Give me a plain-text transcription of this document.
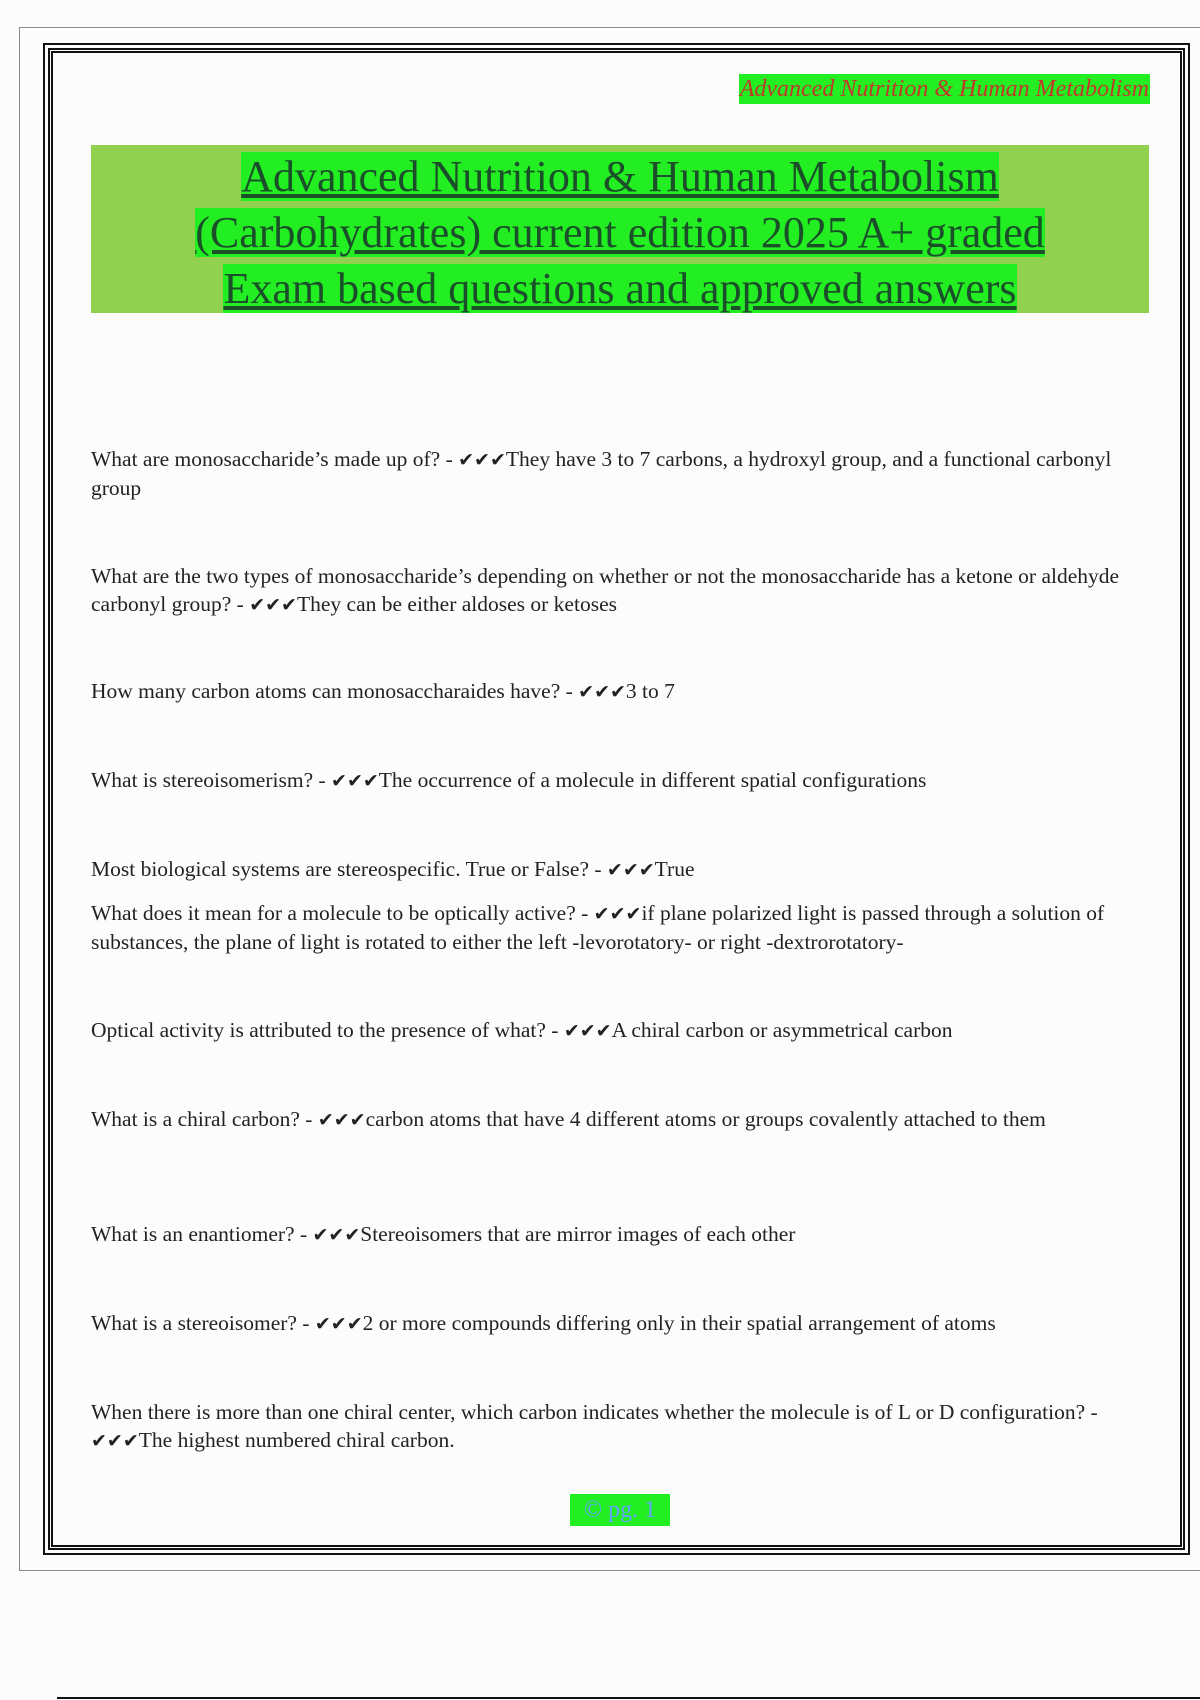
Advanced Nutrition & Human Metabolism
Advanced Nutrition & Human Metabolism
(Carbohydrates) current edition 2025 A+ graded
Exam based questions and approved answers
What are monosaccharide’s made up of? - ✔✔✔They have 3 to 7 carbons, a hydroxyl group, and a functional carbonyl group
What are the two types of monosaccharide’s depending on whether or not the monosaccharide has a ketone or aldehyde carbonyl group? - ✔✔✔They can be either aldoses or ketoses
How many carbon atoms can monosaccharaides have? - ✔✔✔3 to 7
What is stereoisomerism? - ✔✔✔The occurrence of a molecule in different spatial configurations
Most biological systems are stereospecific. True or False? - ✔✔✔True
What does it mean for a molecule to be optically active? - ✔✔✔if plane polarized light is passed through a solution of substances, the plane of light is rotated to either the left -levorotatory- or right -dextrorotatory-
Optical activity is attributed to the presence of what? - ✔✔✔A chiral carbon or asymmetrical carbon
What is a chiral carbon? - ✔✔✔carbon atoms that have 4 different atoms or groups covalently attached to them
What is an enantiomer? - ✔✔✔Stereoisomers that are mirror images of each other
What is a stereoisomer? - ✔✔✔2 or more compounds differing only in their spatial arrangement of atoms
When there is more than one chiral center, which carbon indicates whether the molecule is of L or D configuration? - ✔✔✔The highest numbered chiral carbon.
© pg. 1
